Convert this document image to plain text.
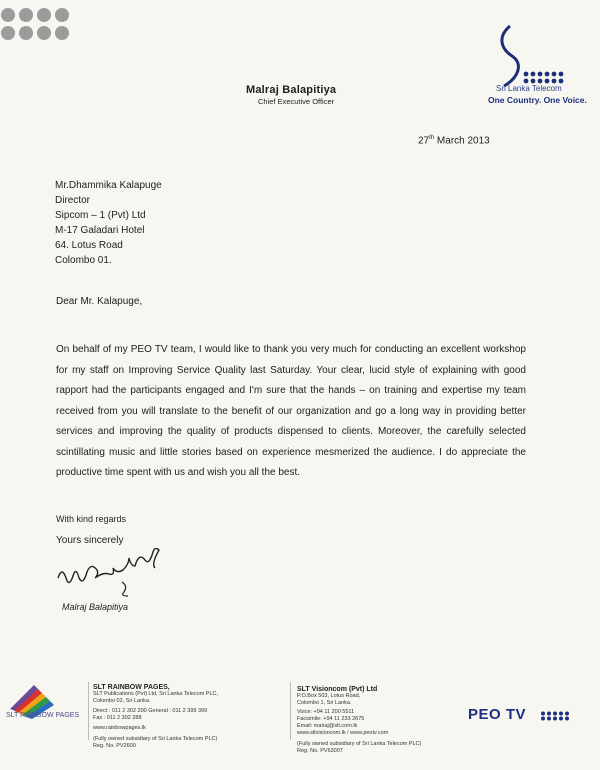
Sri Lanka Telecom
One Country. One Voice.
Malraj Balapitiya
Chief Executive Officer
27th March 2013
Mr.Dhammika Kalapuge
Director
Sipcom – 1 (Pvt) Ltd
M-17 Galadari Hotel
64. Lotus Road
Colombo 01.
Dear Mr. Kalapuge,
On behalf of my PEO TV team, I would like to thank you very much for conducting an excellent workshop for my staff on Improving Service Quality last Saturday. Your clear, lucid style of explaining with good rapport had the participants engaged and I'm sure that the hands – on training and expertise my team received from you will translate to the benefit of our organization and go a long way in providing better services and improving the quality of products dispensed to clients. Moreover, the carefully selected scintillating music and little stories based on experience mesmerized the audience. I do appreciate the productive time spent with us and wish you all the best.
With kind regards
Yours sincerely
Malraj Balapitiya
SLT RAINBOW PAGES
SLT RAINBOW PAGES,
SLT Publications (Pvt) Ltd, Sri Lanka Telecom PLC,
Colombo 02, Sri Lanka.
Direct : 011 2 302 200 General : 011 2 399 399
Fax : 011 2 302 288
www.rainbowpages.lk
(Fully owned subsidiary of Sri Lanka Telecom PLC)
Reg. No. PV2600
SLT Visioncom (Pvt) Ltd
P.O.Box 503, Lotus Road,
Colombo 1, Sri Lanka.
Voice: +94 11 200 5511
Facsimile: +94 11 233 2675
Email: malraj@slt.com.lk
www.sltvisioncom.lk / www.peotv.com
(Fully owned subsidiary of Sri Lanka Telecom PLC)
Reg. No. PV63007
PEO TV
